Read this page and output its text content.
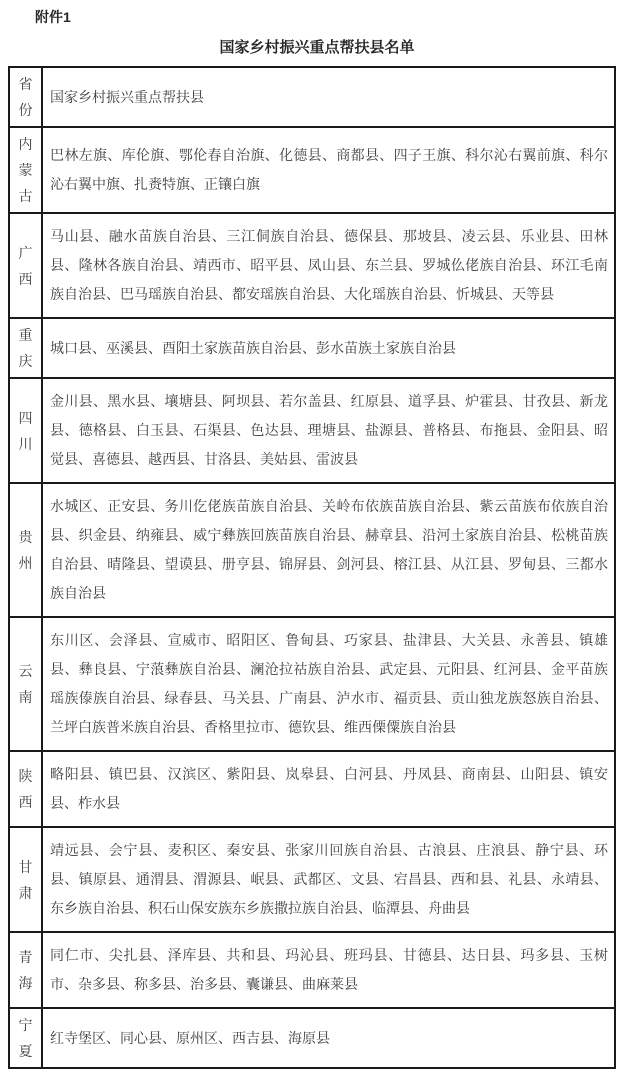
附件1
国家乡村振兴重点帮扶县名单
省份	国家乡村振兴重点帮扶县
内蒙古	巴林左旗、库伦旗、鄂伦春自治旗、化德县、商都县、四子王旗、科尔沁右翼前旗、科尔沁右翼中旗、扎赉特旗、正镶白旗
广西	马山县、融水苗族自治县、三江侗族自治县、德保县、那坡县、凌云县、乐业县、田林县、隆林各族自治县、靖西市、昭平县、凤山县、东兰县、罗城仫佬族自治县、环江毛南族自治县、巴马瑶族自治县、都安瑶族自治县、大化瑶族自治县、忻城县、天等县
重庆	城口县、巫溪县、酉阳土家族苗族自治县、彭水苗族土家族自治县
四川	金川县、黑水县、壤塘县、阿坝县、若尔盖县、红原县、道孚县、炉霍县、甘孜县、新龙县、德格县、白玉县、石渠县、色达县、理塘县、盐源县、普格县、布拖县、金阳县、昭觉县、喜德县、越西县、甘洛县、美姑县、雷波县
贵州	水城区、正安县、务川仡佬族苗族自治县、关岭布依族苗族自治县、紫云苗族布依族自治县、织金县、纳雍县、威宁彝族回族苗族自治县、赫章县、沿河土家族自治县、松桃苗族自治县、晴隆县、望谟县、册亨县、锦屏县、剑河县、榕江县、从江县、罗甸县、三都水族自治县
云南	东川区、会泽县、宣威市、昭阳区、鲁甸县、巧家县、盐津县、大关县、永善县、镇雄县、彝良县、宁蒗彝族自治县、澜沧拉祜族自治县、武定县、元阳县、红河县、金平苗族瑶族傣族自治县、绿春县、马关县、广南县、泸水市、福贡县、贡山独龙族怒族自治县、兰坪白族普米族自治县、香格里拉市、德钦县、维西傈僳族自治县
陕西	略阳县、镇巴县、汉滨区、紫阳县、岚皋县、白河县、丹凤县、商南县、山阳县、镇安县、柞水县
甘肃	靖远县、会宁县、麦积区、秦安县、张家川回族自治县、古浪县、庄浪县、静宁县、环县、镇原县、通渭县、渭源县、岷县、武都区、文县、宕昌县、西和县、礼县、永靖县、东乡族自治县、积石山保安族东乡族撒拉族自治县、临潭县、舟曲县
青海	同仁市、尖扎县、泽库县、共和县、玛沁县、班玛县、甘德县、达日县、玛多县、玉树市、杂多县、称多县、治多县、囊谦县、曲麻莱县
宁夏	红寺堡区、同心县、原州区、西吉县、海原县
